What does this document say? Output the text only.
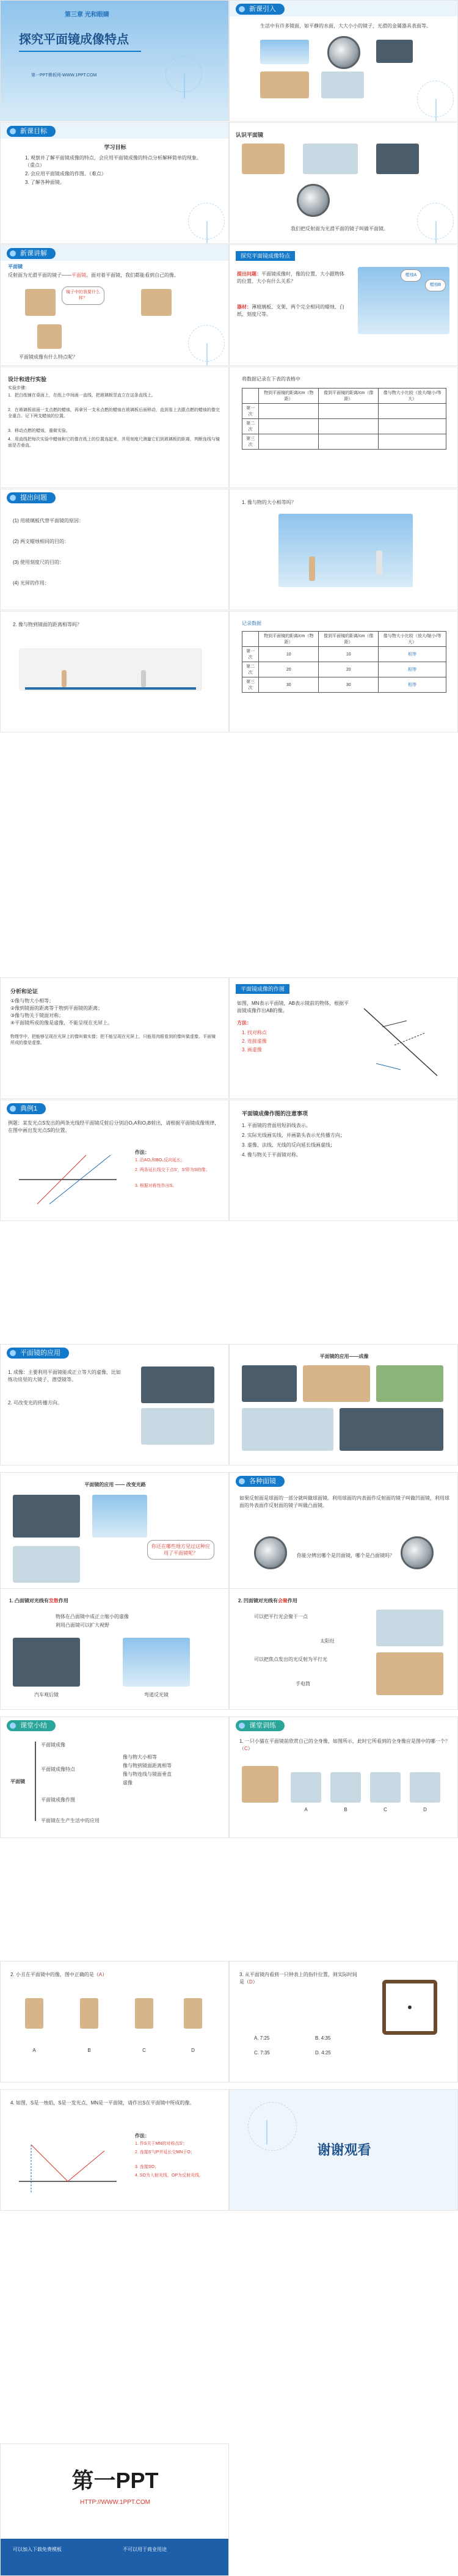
第三章 光和眼睛
探究平面镜成像特点
第一PPT模板网-WWW.1PPT.COM
新课引入
生活中有许多镜面，如平静的水面，大大小小的镜子，光滑的金属器具表面等。
新课目标
学习目标
1. 观察并了解平面镜成像的特点，会应用平面镜成像的特点分析解释简单的现象。（重点）
2. 会应用平面镜成像的作图。（难点）
3. 了解各种面镜。
认识平面镜
我们把反射面为光滑平面的镜子叫做平面镜。
新课讲解
平面镜
反射面为光滑平面的镜子——平面镜。面对着平面镜，我们都能看到自己的像。
镜子中的我要什么样？
平面镜成像有什么特点呢？
探究平面镜成像特点
提出问题：平面镜成像时，像的位置、大小跟物体的位置、大小有什么关系？
器材：薄玻璃板、支架、两个完全相同的蜡烛、白纸、刻度尺等。
蜡烛A
蜡烛B
设计和进行实验
实验步骤：
1．把白纸铺在桌面上，在纸上中间画一直线，把玻璃板竖直立在这条直线上。
2．在玻璃板前面一支点燃的蜡烛，再拿另一支未点燃的蜡烛在玻璃板后面移动，直到看上去跟点燃的蜡烛的像完全重合。记下两支蜡烛的位置。
3．移动点燃的蜡烛，重做实验。
4．用直线把每次实验中蜡烛和它的像在纸上的位置连起来，并用刻度尺测量它们到玻璃板的距离，判断连线与镜面是否垂直。
将数据记录在下表的表格中
	物到平面镜的距离/cm（物距）	像到平面镜的距离/cm（像距）	像与物大小比较（放大/缩小/等大）
第一次			
第二次			
第三次			
提出问题
(1) 用玻璃板代替平面镜的原因：
(2) 两支蜡烛相同的目的：
(3) 使用刻度尺的目的：
(4) 光屏的作用：
1. 像与物的大小相等吗？
2. 像与物到镜面的距离相等吗？	记录数据
	物到平面镜的距离/cm（物距）	像到平面镜的距离/cm（像距）	像与物大小比较（放大/缩小/等大）
第一次	10	10	相等
第二次	20	20	相等
第三次	30	30	相等
分析和论证
①像与物大小相等；
②像到镜面的距离等于物到平面镜的距离；
③像与物关于镜面对称；
④平面镜所成的像是虚像，不能呈现在光屏上。
物理学中，把能够呈现在光屏上的像叫做实像；把不能呈现在光屏上，只能用肉眼看到的像叫做虚像。平面镜所成的像是虚像。
平面镜成像的作图
如图，MN表示平面镜，AB表示镜前的物体，根据平面镜成像作出AB的像。
方法：
1. 找对称点
2. 连接虚像
3. 画虚像
典例1
例题：某发光点S发出的两条光线经平面镜反射后分别沿O₁A和O₂B射出，请根据平面镜成像规律，在图中画出发光点S的位置。
作法：
1. 沿AO₁和BO₂反向延长；
2. 两条延长线交于点S'，S'即为S的像；
3. 根据对称性作出S。
平面镜成像作图的注意事项
1. 平面镜的背面用短斜线表示。
2. 实际光线画实线，并画箭头表示光传播方向；
3. 虚像、法线、光线的反向延长线画虚线；
4. 像与物关于平面镜对称。
平面镜的应用
1. 成像：主要利用平面镜能成正立等大的虚像，比如练功房里的大镜子、潜望镜等。
2. 可改变光的传播方向。
平面镜的应用——成像
平面镜的应用 —— 改变光路
你还在哪些地方见过这种应用了平面镜呢？
各种面镜
如果反射面是球面的一部分就叫做球面镜。利用球面的内表面作反射面的镜子叫做凹面镜，利用球面的外表面作反射面的镜子叫做凸面镜。
你能分辨出哪个是凹面镜，哪个是凸面镜吗？
1. 凸面镜对光线有发散作用
物体在凸面镜中成正立缩小的虚像
利用凸面镜可以扩大视野
汽车观后镜	弯道反光镜
2. 凹面镜对光线有会聚作用
可以把平行光会聚于一点
太阳灶
可以把焦点发出的光反射为平行光
手电筒
课堂小结
平面镜
平面镜成像
平面镜成像特点
平面镜成像作图
平面镜在生产生活中的应用
像与物大小相等
像与物到镜面距离相等
像与物连线与镜面垂直
虚像
课堂训练
1. 一只小猫在平面镜前欣赏自己的全身像，如图所示，此时它所看到的全身像应是图中的哪一个？（C）
A	B	C	D
2. 小丑在平面镜中的像，图中正确的是（A）
A	B	C	D
3. 从平面镜内看到一只钟表上的指针位置，则实际时间是（D）
A. 7:25	B. 4:35
C. 7:35	D. 4:25
4. 如图，S是一烛焰，S是一发光点，MN是一平面镜，请作出S在平面镜中所成的像。
作法：
1. 作S关于MN的对称点S'；
2. 连接S'与P并延长交MN于O；
3. 连接SO；
4. SO为入射光线，OP为反射光线。
谢谢观看
第一PPT
HTTP://WWW.1PPT.COM
可以加入下载免费模板	不可以用于商业用途
